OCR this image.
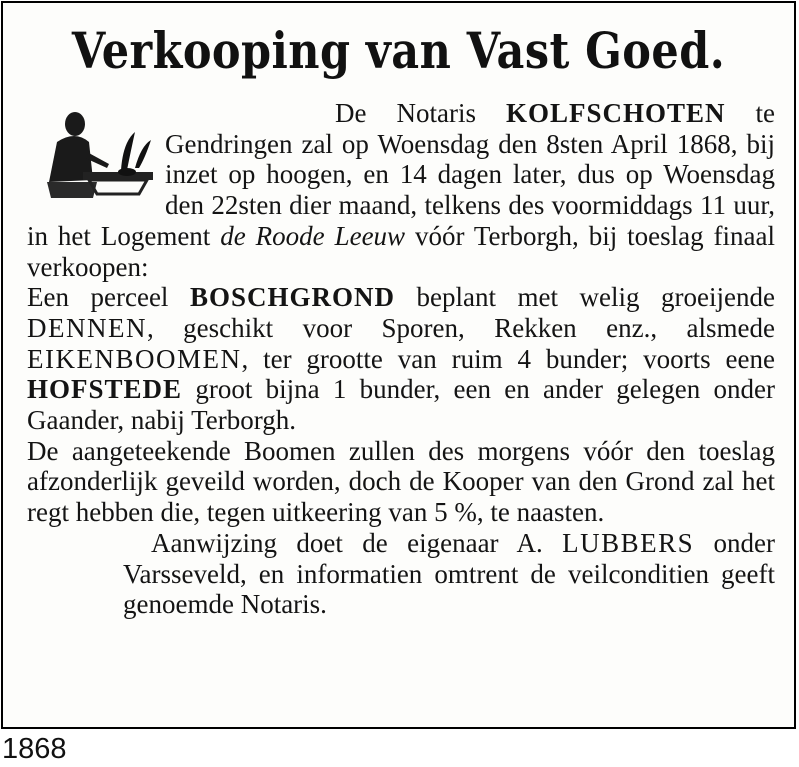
Verkooping van Vast Goed.

De Notaris KOLFSCHOTEN te Gendringen zal op Woensdag den 8sten April 1868, bij inzet op hoogen, en 14 dagen later, dus op Woensdag den 22sten dier maand, telkens des voormiddags 11 uur, in het Logement de Roode Leeuw vóór Terborgh, bij toeslag finaal verkoopen:

Een perceel BOSCHGROND beplant met welig groeijende DENNEN, geschikt voor Sporen, Rekken enz., alsmede EIKENBOOMEN, ter grootte van ruim 4 bunder; voorts eene HOFSTEDE groot bijna 1 bunder, een en ander gelegen onder Gaander, nabij Terborgh.

De aangeteekende Boomen zullen des morgens vóór den toeslag afzonderlijk geveild worden, doch de Kooper van den Grond zal het regt hebben die, tegen uitkeering van 5 %, te naasten.

Aanwijzing doet de eigenaar A. LUBBERS onder Varsseveld, en informatien omtrent de veilconditien geeft genoemde Notaris.

1868
